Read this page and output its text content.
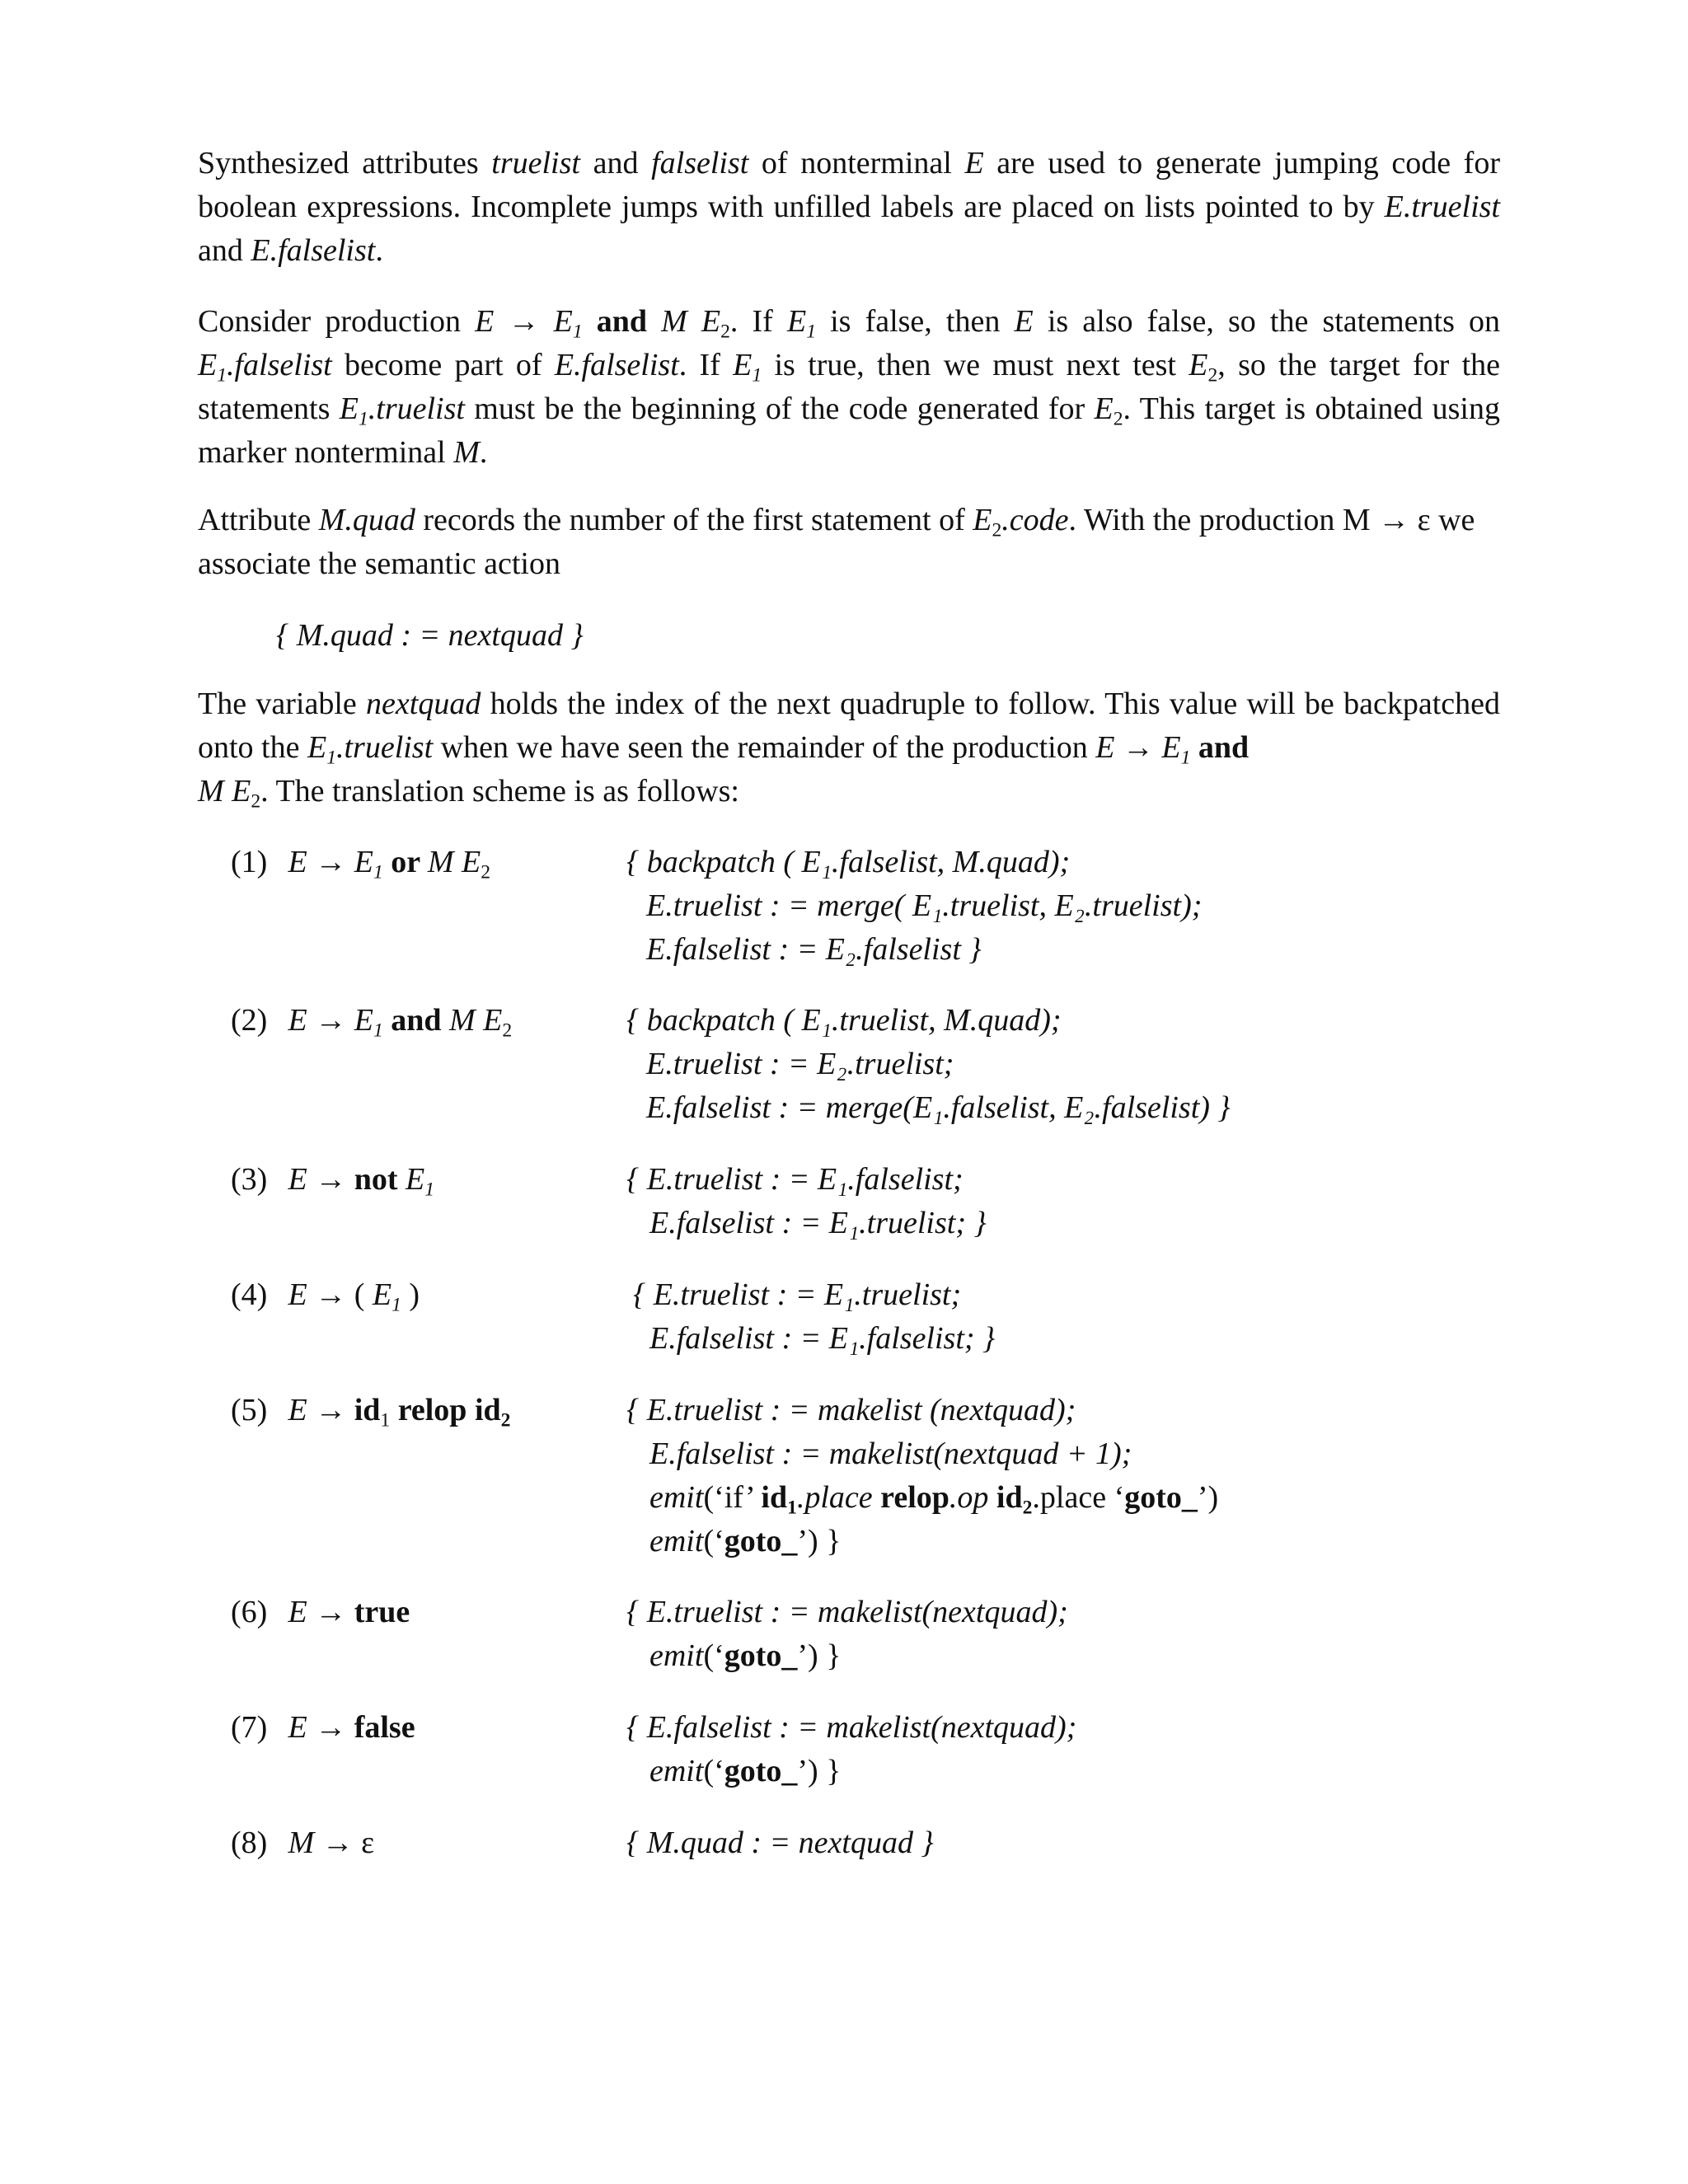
Synthesized attributes truelist and falselist of nonterminal E are used to generate jumping code for boolean expressions. Incomplete jumps with unfilled labels are placed on lists pointed to by E.truelist and E.falselist.

Consider production $E \to E_1$ and M $E_2$. If $E_1$ is false, then E is also false, so the statements on $E_1.falselist$ become part of E.falselist. If $E_1$ is true, then we must next test $E_2$, so the target for the statements $E_1.truelist$ must be the beginning of the code generated for $E_2$. This target is obtained using marker nonterminal M.

Attribute M.quad records the number of the first statement of $E_2.code$. With the production M → ε we associate the semantic action

{ M.quad : = nextquad }

The variable nextquad holds the index of the next quadruple to follow. This value will be backpatched onto the $E_1.truelist$ when we have seen the remainder of the production $E \to E_1$ and
M $E_2$. The translation scheme is as follows:

(1) $E \to E_1$ or M $E_2$	{ backpatch ( E₁.falselist, M.quad);
E.truelist : = merge( E₁.truelist, E₂.truelist);
E.falselist : = E₂.falselist }
(2) $E \to E_1$ and M $E_2$	{ backpatch ( E₁.truelist, M.quad);
E.truelist : = E₂.truelist;
E.falselist : = merge(E₁.falselist, E₂.falselist) }
(3) E → not $E_1$	{ E.truelist : = E₁.falselist;
E.falselist : = E₁.truelist; }
(4) E → ( $E_1$ )	{ E.truelist : = E₁.truelist;
E.falselist : = E₁.falselist; }
(5) $E \to id_1$ relop $id_2$	{ E.truelist : = makelist (nextquad);
E.falselist : = makelist(nextquad + 1);
emit(‘if’ $id_1.place$ relop.op $id_2.place$ ‘goto_’)
emit(‘goto_’) }
(6) E → true	{ E.truelist : = makelist(nextquad);
emit(‘goto_’) }
(7) E → false	{ E.falselist : = makelist(nextquad);
emit(‘goto_’) }
(8) M → ε	{ M.quad : = nextquad }
